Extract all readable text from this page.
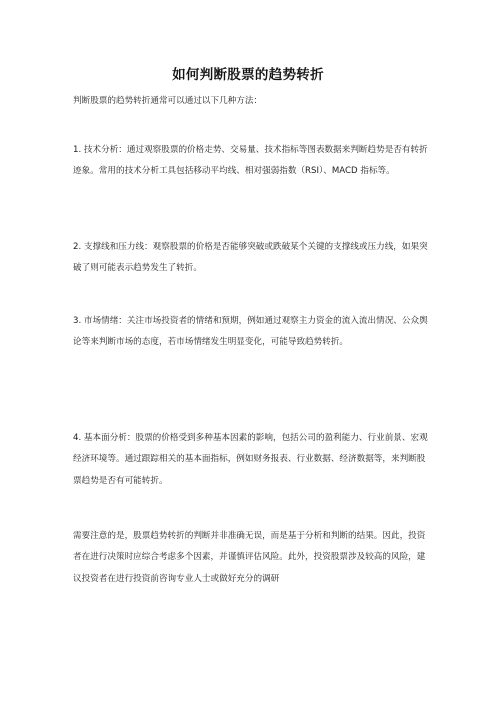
如何判断股票的趋势转折

判断股票的趋势转折通常可以通过以下几种方法：

1. 技术分析：通过观察股票的价格走势、交易量、技术指标等图表数据来判断趋势是否有转折迹象。常用的技术分析工具包括移动平均线、相对强弱指数（RSI）、MACD 指标等。

2. 支撑线和压力线：观察股票的价格是否能够突破或跌破某个关键的支撑线或压力线，如果突破了则可能表示趋势发生了转折。

3. 市场情绪：关注市场投资者的情绪和预期，例如通过观察主力资金的流入流出情况、公众舆论等来判断市场的态度，若市场情绪发生明显变化，可能导致趋势转折。

4. 基本面分析：股票的价格受到多种基本因素的影响，包括公司的盈利能力、行业前景、宏观经济环境等。通过跟踪相关的基本面指标，例如财务报表、行业数据、经济数据等，来判断股票趋势是否有可能转折。

需要注意的是，股票趋势转折的判断并非准确无误，而是基于分析和判断的结果。因此，投资者在进行决策时应综合考虑多个因素，并谨慎评估风险。此外，投资股票涉及较高的风险，建议投资者在进行投资前咨询专业人士或做好充分的调研
